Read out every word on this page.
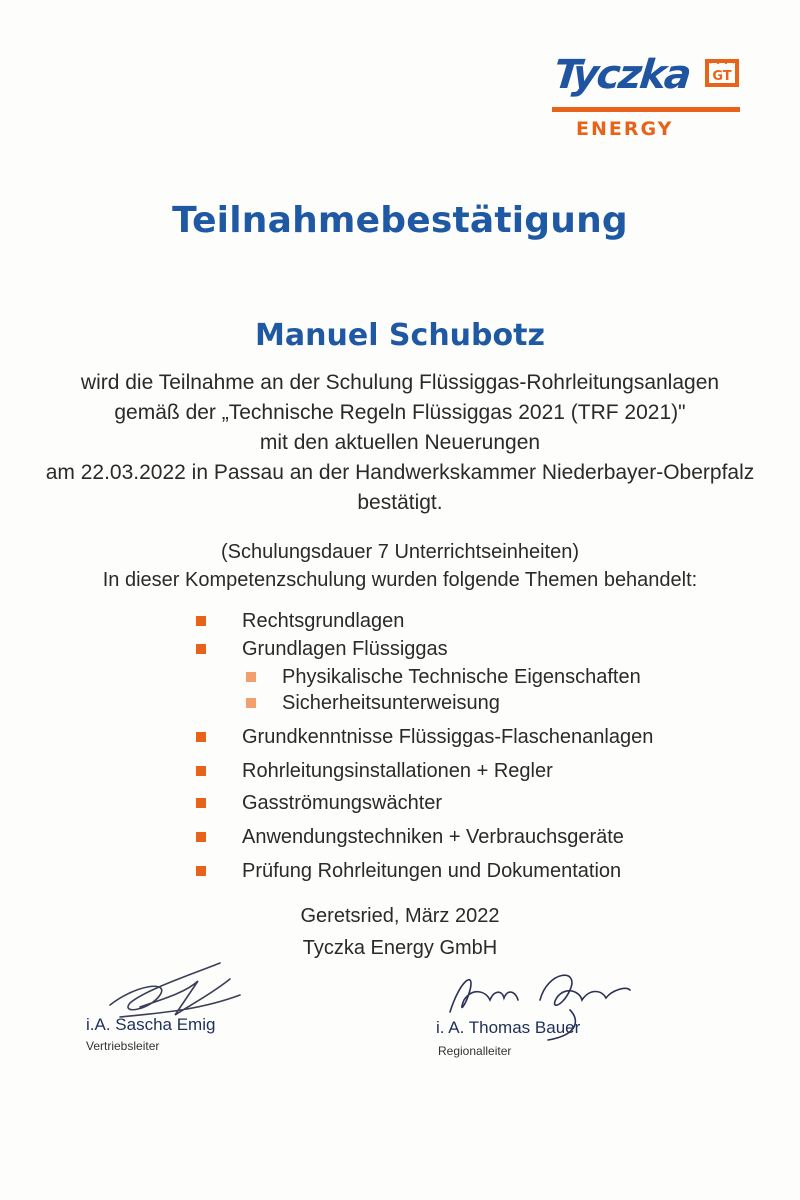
Tyczka GT
ENERGY
Teilnahmebestätigung
Manuel Schubotz
wird die Teilnahme an der Schulung Flüssiggas-Rohrleitungsanlagen
gemäß der „Technische Regeln Flüssiggas 2021 (TRF 2021)"
mit den aktuellen Neuerungen
am 22.03.2022 in Passau an der Handwerkskammer Niederbayer-Oberpfalz
bestätigt.
(Schulungsdauer 7 Unterrichtseinheiten)
In dieser Kompetenzschulung wurden folgende Themen behandelt:
Rechtsgrundlagen
Grundlagen Flüssiggas
Physikalische Technische Eigenschaften
Sicherheitsunterweisung
Grundkenntnisse Flüssiggas-Flaschenanlagen
Rohrleitungsinstallationen + Regler
Gasströmungswächter
Anwendungstechniken + Verbrauchsgeräte
Prüfung Rohrleitungen und Dokumentation
Geretsried, März 2022
Tyczka Energy GmbH
i.A. Sascha Emig
Vertriebsleiter
i. A. Thomas Bauer
Regionalleiter
